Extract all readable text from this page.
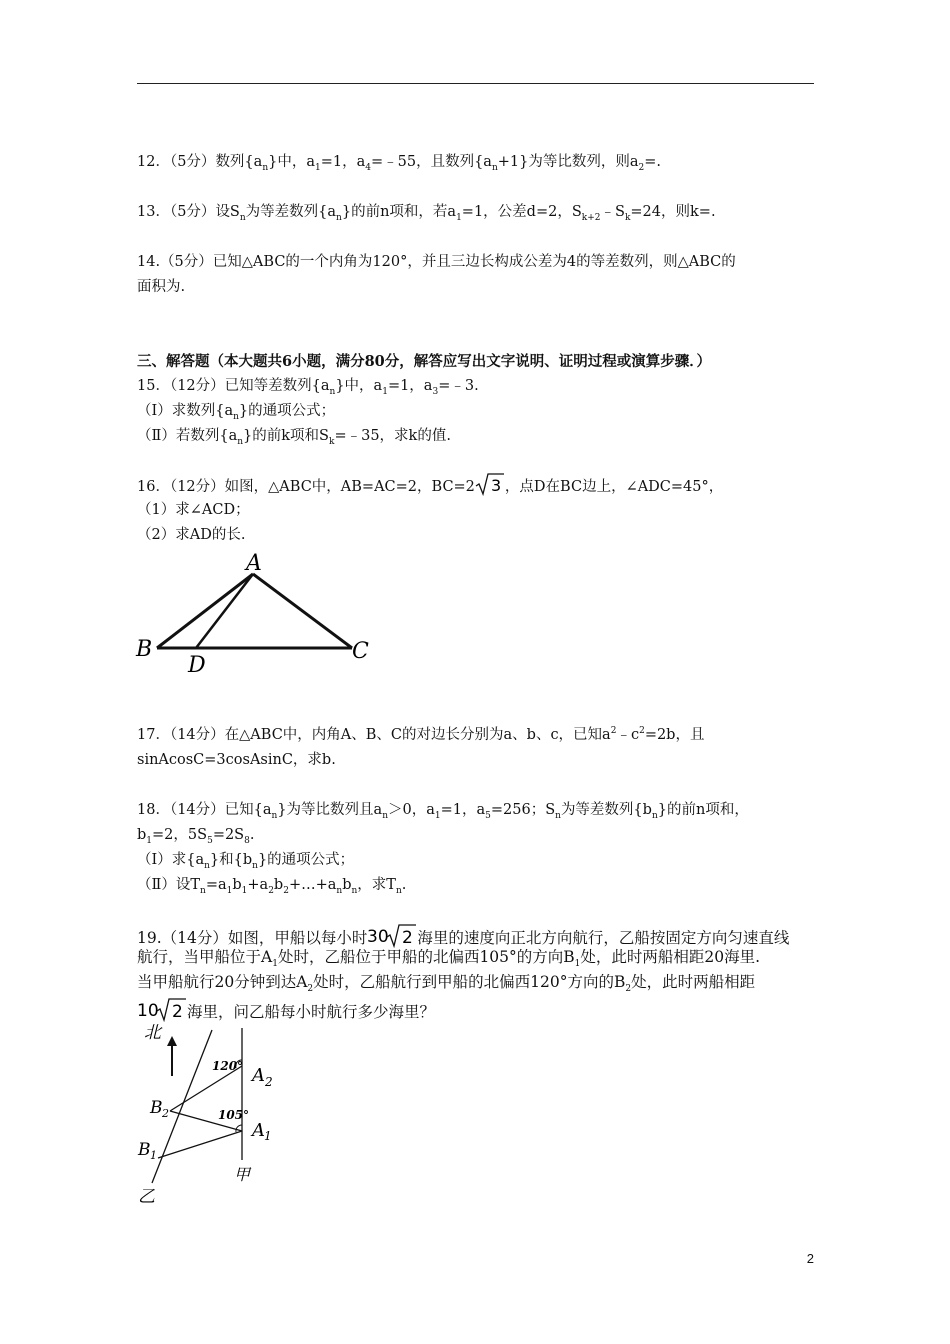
12．（5分）数列$\{a_n\}$中，$a_1=1$，$a_4=﹣55$，且数列$\{a_n+1\}$为等比数列，则$a_2=$.
13．（5分）设$S_n$为等差数列$\{a_n\}$的前n项和，若$a_1=1$，公差d=2，$S_{k+2}﹣S_k=24$，则k=.
14.（5分）已知△ABC的一个内角为120°，并且三边长构成公差为4的等差数列，则△ABC的
面积为.
三、解答题（本大题共6小题，满分80分，解答应写出文字说明、证明过程或演算步骤．）
15．（12分）已知等差数列$\{a_n\}$中，$a_1=1$，$a_3=﹣3$.
（Ⅰ）求数列$\{a_n\}$的通项公式；
（Ⅱ）若数列$\{a_n\}$的前k项和$S_k=﹣35$，求k的值.
16．（12分）如图，△ABC中，AB=AC=2，BC=2 3 ，点D在BC边上，∠ADC=45°，
（1）求∠ACD；
（2）求AD的长.
A
B	C
D
17．（14分）在△ABC中，内角A、B、C的对边长分别为a、b、c，已知$a^2﹣c^2=2b$，且
sinAcosC=3cosAsinC，求b.
18．（14分）已知$\{a_n\}$为等比数列且$a_n>0$，$a_1=1$，$a_5=256$；$S_n$为等差数列$\{b_n\}$的前n项和，
$b_1=2$，$5S_5=2S_8$.
（Ⅰ）求$\{a_n\}$和$\{b_n\}$的通项公式；
（Ⅱ）设$T_n=a_1b_1+a_2b_2+\dots+a_nb_n$，求$T_n$.
19.（14分）如图，甲船以每小时 30 2 海里的速度向正北方向航行，乙船按固定方向匀速直线
航行，当甲船位于$A_1$处时，乙船位于甲船的北偏西105°的方向$B_1$处，此时两船相距20海里.
当甲船航行20分钟到达$A_2$处时，乙船航行到甲船的北偏西120°方向的$B_2$处，此时两船相距
10 2 海里，问乙船每小时航行多少海里？
北
120°
105°
A 2
A 1
B 2
B 1
甲
乙
2
